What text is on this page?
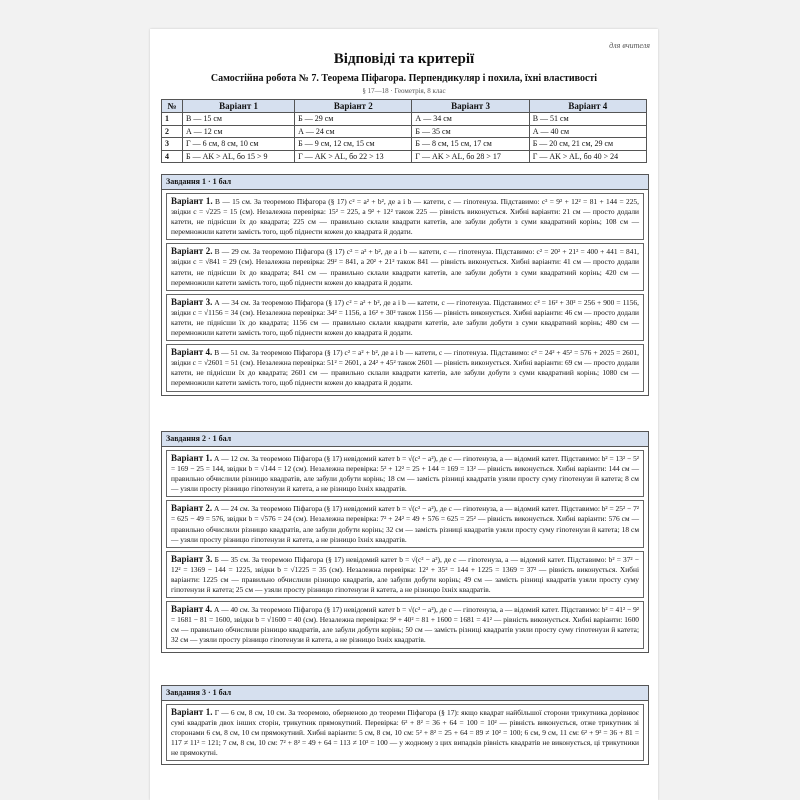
для вчителя
Відповіді та критерії
Самостійна робота № 7. Теорема Піфагора. Перпендикуляр і похила, їхні властивості
§ 17—18 · Геометрія, 8 клас
№	Варіант 1	Варіант 2	Варіант 3	Варіант 4
1	В — 15 см	Б — 29 см	А — 34 см	В — 51 см
2	А — 12 см	А — 24 см	Б — 35 см	А — 40 см
3	Г — 6 см, 8 см, 10 см	Б — 9 см, 12 см, 15 см	Б — 8 см, 15 см, 17 см	Б — 20 см, 21 см, 29 см
4	Б — AK > AL, бо 15 > 9	Г — AK > AL, бо 22 > 13	Г — AK > AL, бо 28 > 17	Г — AK > AL, бо 40 > 24
Завдання 1 · 1 бал
Варіант 1. В — 15 см. За теоремою Піфагора (§ 17) c² = a² + b², де a і b — катети, c — гіпотенуза. Підставимо: c² = 9² + 12² = 81 + 144 = 225, звідки c = √225 = 15 (см). Незалежна перевірка: 15² = 225, а 9² + 12² також 225 — рівність виконується. Хибні варіанти: 21 см — просто додали катети, не піднісши їх до квадрата; 225 см — правильно склали квадрати катетів, але забули добути з суми квадратний корінь; 108 см — перемножили катети замість того, щоб піднести кожен до квадрата й додати.
Варіант 2. В — 29 см. За теоремою Піфагора (§ 17) c² = a² + b², де a і b — катети, c — гіпотенуза. Підставимо: c² = 20² + 21² = 400 + 441 = 841, звідки c = √841 = 29 (см). Незалежна перевірка: 29² = 841, а 20² + 21² також 841 — рівність виконується. Хибні варіанти: 41 см — просто додали катети, не піднісши їх до квадрата; 841 см — правильно склали квадрати катетів, але забули добути з суми квадратний корінь; 420 см — перемножили катети замість того, щоб піднести кожен до квадрата й додати.
Варіант 3. А — 34 см. За теоремою Піфагора (§ 17) c² = a² + b², де a і b — катети, c — гіпотенуза. Підставимо: c² = 16² + 30² = 256 + 900 = 1156, звідки c = √1156 = 34 (см). Незалежна перевірка: 34² = 1156, а 16² + 30² також 1156 — рівність виконується. Хибні варіанти: 46 см — просто додали катети, не піднісши їх до квадрата; 1156 см — правильно склали квадрати катетів, але забули добути з суми квадратний корінь; 480 см — перемножили катети замість того, щоб піднести кожен до квадрата й додати.
Варіант 4. В — 51 см. За теоремою Піфагора (§ 17) c² = a² + b², де a і b — катети, c — гіпотенуза. Підставимо: c² = 24² + 45² = 576 + 2025 = 2601, звідки c = √2601 = 51 (см). Незалежна перевірка: 51² = 2601, а 24² + 45² також 2601 — рівність виконується. Хибні варіанти: 69 см — просто додали катети, не піднісши їх до квадрата; 2601 см — правильно склали квадрати катетів, але забули добути з суми квадратний корінь; 1080 см — перемножили катети замість того, щоб піднести кожен до квадрата й додати.
Завдання 2 · 1 бал
Варіант 1. А — 12 см. За теоремою Піфагора (§ 17) невідомий катет b = √(c² − a²), де c — гіпотенуза, a — відомий катет. Підставимо: b² = 13² − 5² = 169 − 25 = 144, звідки b = √144 = 12 (см). Незалежна перевірка: 5² + 12² = 25 + 144 = 169 = 13² — рівність виконується. Хибні варіанти: 144 см — правильно обчислили різницю квадратів, але забули добути корінь; 18 см — замість різниці квадратів узяли просту суму гіпотенузи й катета; 8 см — узяли просту різницю гіпотенузи й катета, а не різницю їхніх квадратів.
Варіант 2. А — 24 см. За теоремою Піфагора (§ 17) невідомий катет b = √(c² − a²), де c — гіпотенуза, a — відомий катет. Підставимо: b² = 25² − 7² = 625 − 49 = 576, звідки b = √576 = 24 (см). Незалежна перевірка: 7² + 24² = 49 + 576 = 625 = 25² — рівність виконується. Хибні варіанти: 576 см — правильно обчислили різницю квадратів, але забули добути корінь; 32 см — замість різниці квадратів узяли просту суму гіпотенузи й катета; 18 см — узяли просту різницю гіпотенузи й катета, а не різницю їхніх квадратів.
Варіант 3. Б — 35 см. За теоремою Піфагора (§ 17) невідомий катет b = √(c² − a²), де c — гіпотенуза, a — відомий катет. Підставимо: b² = 37² − 12² = 1369 − 144 = 1225, звідки b = √1225 = 35 (см). Незалежна перевірка: 12² + 35² = 144 + 1225 = 1369 = 37² — рівність виконується. Хибні варіанти: 1225 см — правильно обчислили різницю квадратів, але забули добути корінь; 49 см — замість різниці квадратів узяли просту суму гіпотенузи й катета; 25 см — узяли просту різницю гіпотенузи й катета, а не різницю їхніх квадратів.
Варіант 4. А — 40 см. За теоремою Піфагора (§ 17) невідомий катет b = √(c² − a²), де c — гіпотенуза, a — відомий катет. Підставимо: b² = 41² − 9² = 1681 − 81 = 1600, звідки b = √1600 = 40 (см). Незалежна перевірка: 9² + 40² = 81 + 1600 = 1681 = 41² — рівність виконується. Хибні варіанти: 1600 см — правильно обчислили різницю квадратів, але забули добути корінь; 50 см — замість різниці квадратів узяли просту суму гіпотенузи й катета; 32 см — узяли просту різницю гіпотенузи й катета, а не різницю їхніх квадратів.
Завдання 3 · 1 бал
Варіант 1. Г — 6 см, 8 см, 10 см. За теоремою, оберненою до теореми Піфагора (§ 17): якщо квадрат найбільшої сторони трикутника дорівнює сумі квадратів двох інших сторін, трикутник прямокутний. Перевірка: 6² + 8² = 36 + 64 = 100 = 10² — рівність виконується, отже трикутник зі сторонами 6 см, 8 см, 10 см прямокутний. Хибні варіанти: 5 см, 8 см, 10 см: 5² + 8² = 25 + 64 = 89 ≠ 10² = 100; 6 см, 9 см, 11 см: 6² + 9² = 36 + 81 = 117 ≠ 11² = 121; 7 см, 8 см, 10 см: 7² + 8² = 49 + 64 = 113 ≠ 10² = 100 — у жодному з цих випадків рівність квадратів не виконується, ці трикутники не прямокутні.
